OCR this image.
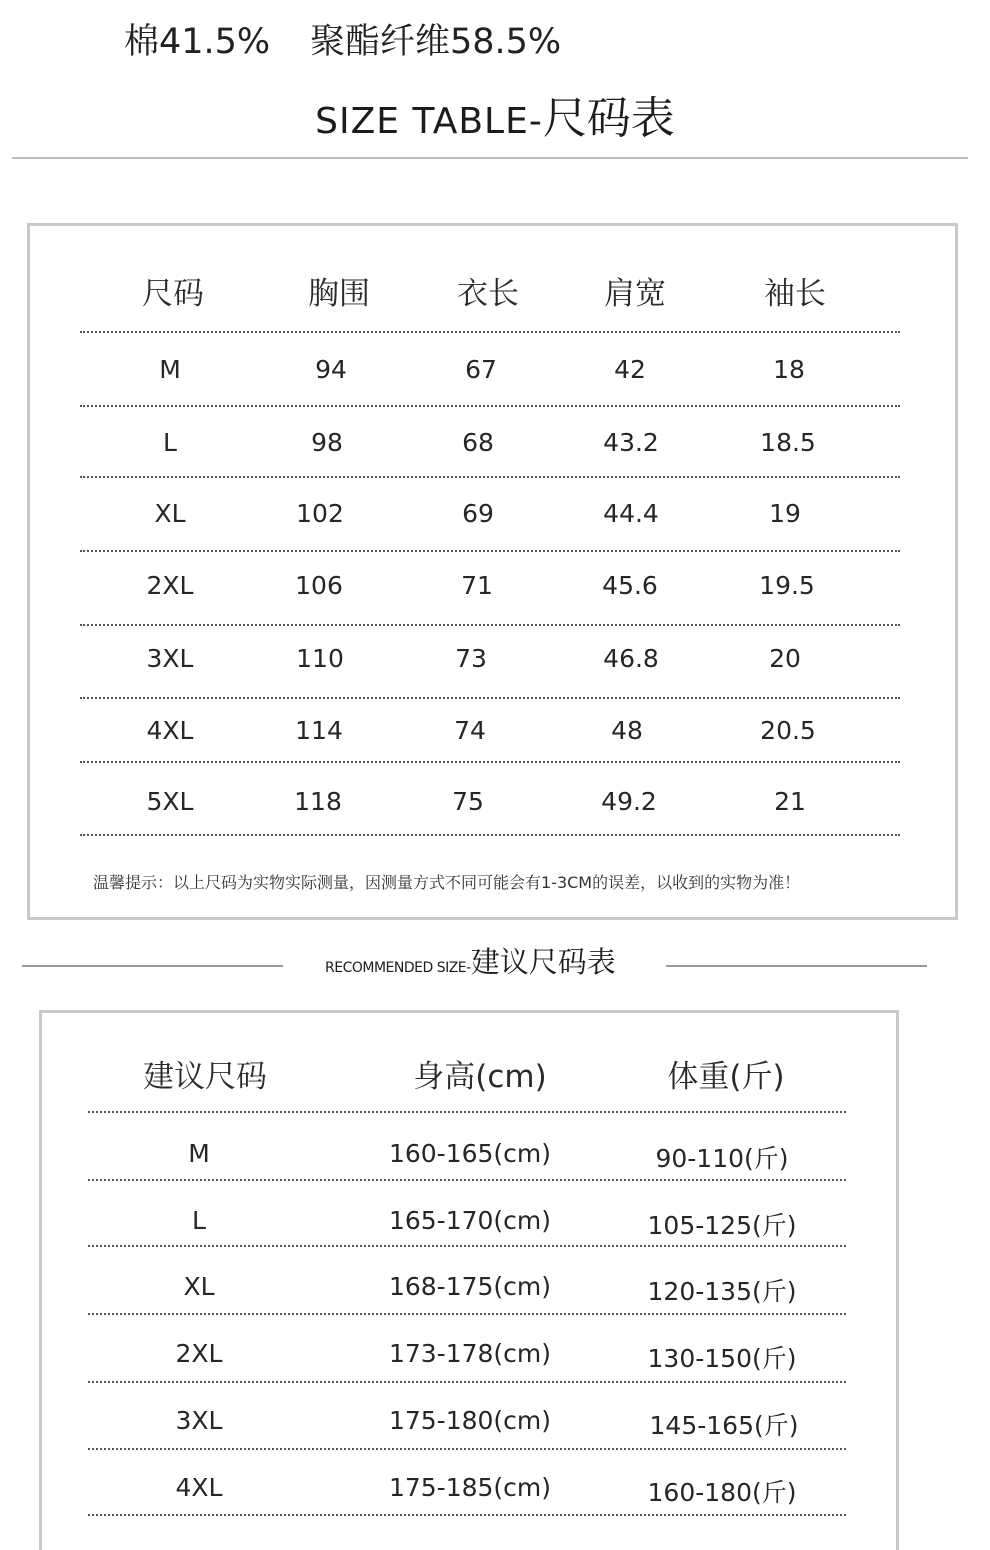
棉41.5% 聚酯纤维58.5%
SIZE TABLE-尺码表
尺码	胸围	衣长	肩宽	袖长
M	94	67	42	18
L	98	68	43.2	18.5
XL	102	69	44.4	19
2XL	106	71	45.6	19.5
3XL	110	73	46.8	20
4XL	114	74	48	20.5
5XL	118	75	49.2	21
温馨提示：以上尺码为实物实际测量，因测量方式不同可能会有1-3CM的误差，以收到的实物为准！
RECOMMENDED SIZE-建议尺码表
建议尺码	身高(cm)	体重(斤)
M	160-165(cm)	90-110(斤)
L	165-170(cm)	105-125(斤)
XL	168-175(cm)	120-135(斤)
2XL	173-178(cm)	130-150(斤)
3XL	175-180(cm)	145-165(斤)
4XL	175-185(cm)	160-180(斤)
